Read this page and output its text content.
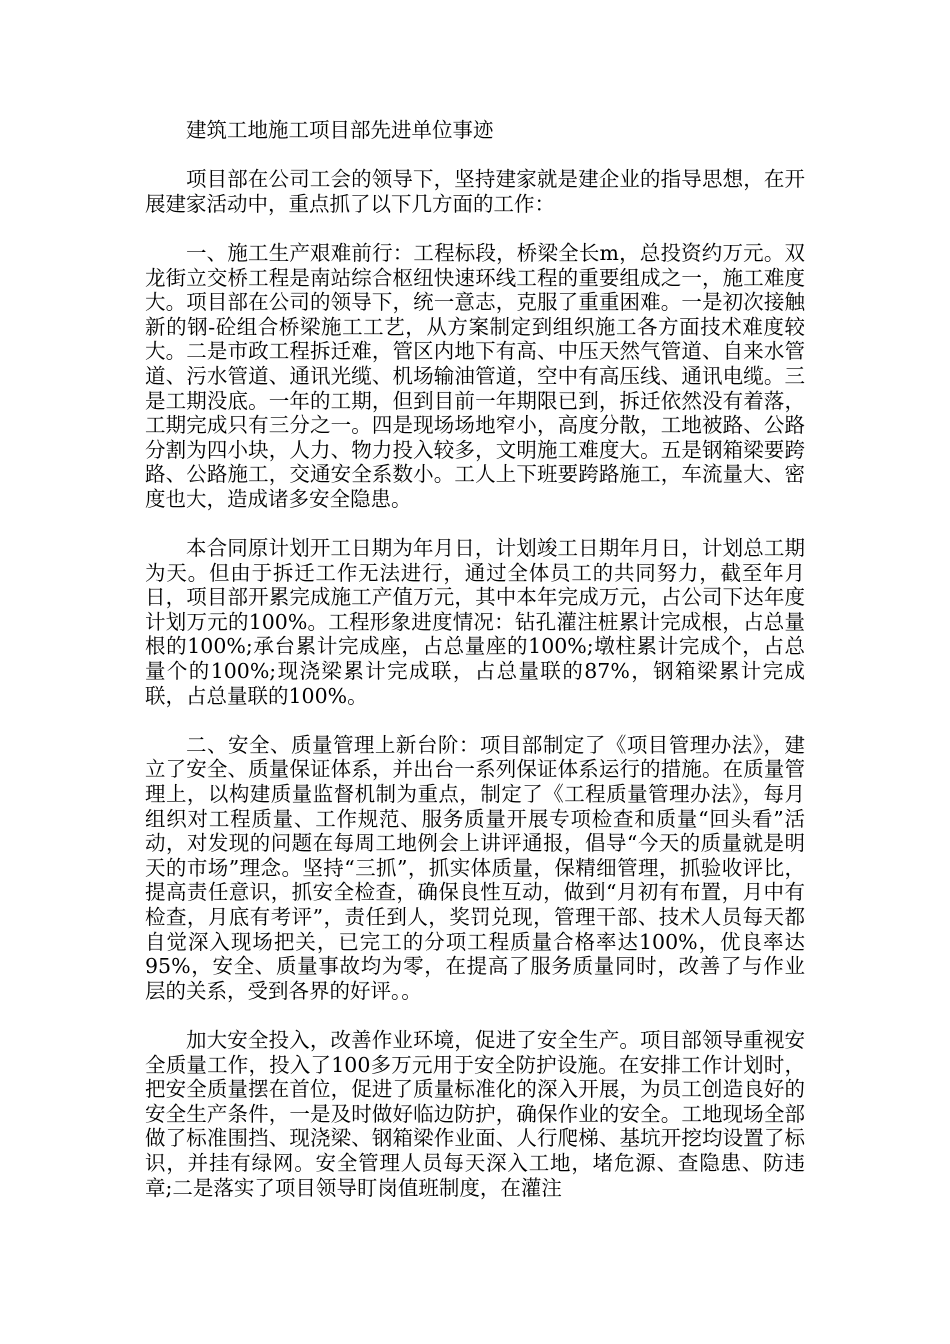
建筑工地施工项目部先进单位事迹

项目部在公司工会的领导下，坚持建家就是建企业的指导思想，在开展建家活动中，重点抓了以下几方面的工作：

一、施工生产艰难前行：工程标段，桥梁全长m，总投资约万元。双龙街立交桥工程是南站综合枢纽快速环线工程的重要组成之一，施工难度大。项目部在公司的领导下，统一意志，克服了重重困难。一是初次接触新的钢-砼组合桥梁施工工艺，从方案制定到组织施工各方面技术难度较大。二是市政工程拆迁难，管区内地下有高、中压天然气管道、自来水管道、污水管道、通讯光缆、机场输油管道，空中有高压线、通讯电缆。三是工期没底。一年的工期，但到目前一年期限已到，拆迁依然没有着落，工期完成只有三分之一。四是现场场地窄小，高度分散，工地被路、公路分割为四小块，人力、物力投入较多，文明施工难度大。五是钢箱梁要跨路、公路施工，交通安全系数小。工人上下班要跨路施工，车流量大、密度也大，造成诸多安全隐患。

本合同原计划开工日期为年月日，计划竣工日期年月日，计划总工期为天。但由于拆迁工作无法进行，通过全体员工的共同努力，截至年月日，项目部开累完成施工产值万元，其中本年完成万元，占公司下达年度计划万元的100%。工程形象进度情况：钻孔灌注桩累计完成根，占总量根的100%;承台累计完成座，占总量座的100%;墩柱累计完成个，占总量个的100%;现浇梁累计完成联，占总量联的87%，钢箱梁累计完成联，占总量联的100%。

二、安全、质量管理上新台阶：项目部制定了《项目管理办法》，建立了安全、质量保证体系，并出台一系列保证体系运行的措施。在质量管理上，以构建质量监督机制为重点，制定了《工程质量管理办法》，每月组织对工程质量、工作规范、服务质量开展专项检查和质量“回头看”活动，对发现的问题在每周工地例会上讲评通报，倡导“今天的质量就是明天的市场”理念。坚持“三抓”，抓实体质量，保精细管理，抓验收评比，提高责任意识，抓安全检查，确保良性互动，做到“月初有布置，月中有检查，月底有考评”，责任到人，奖罚兑现，管理干部、技术人员每天都自觉深入现场把关，已完工的分项工程质量合格率达100%，优良率达95%，安全、质量事故均为零，在提高了服务质量同时，改善了与作业层的关系，受到各界的好评。。

加大安全投入，改善作业环境，促进了安全生产。项目部领导重视安全质量工作，投入了100多万元用于安全防护设施。在安排工作计划时，把安全质量摆在首位，促进了质量标准化的深入开展，为员工创造良好的安全生产条件，一是及时做好临边防护，确保作业的安全。工地现场全部做了标准围挡、现浇梁、钢箱梁作业面、人行爬梯、基坑开挖均设置了标识，并挂有绿网。安全管理人员每天深入工地，堵危源、查隐患、防违章;二是落实了项目领导盯岗值班制度，在灌注
